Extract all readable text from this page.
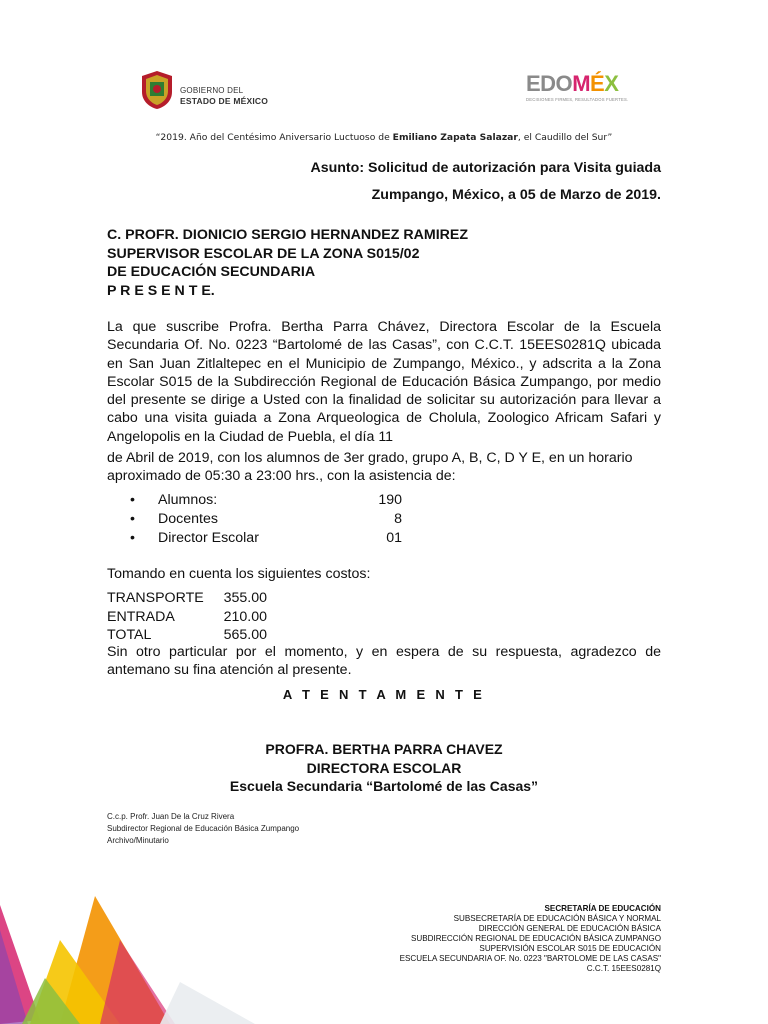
GOBIERNO DEL
ESTADO DE MÉXICO
EDOMÉX
DECISIONES FIRMES, RESULTADOS FUERTES.
“2019. Año del Centésimo Aniversario Luctuoso de Emiliano Zapata Salazar, el Caudillo del Sur”
Asunto: Solicitud de autorización para Visita guiada
Zumpango, México, a 05 de Marzo de 2019.
C. PROFR. DIONICIO SERGIO HERNANDEZ RAMIREZ
SUPERVISOR ESCOLAR DE LA ZONA S015/02
DE EDUCACIÓN SECUNDARIA
P R E S E N T E.
La que suscribe Profra. Bertha Parra Chávez, Directora Escolar de la Escuela Secundaria Of. No. 0223 “Bartolomé de las Casas”, con C.C.T. 15EES0281Q ubicada en San Juan Zitlaltepec en el Municipio de Zumpango, México., y adscrita a la Zona Escolar S015 de la Subdirección Regional de Educación Básica Zumpango, por medio del presente se dirige a Usted con la finalidad de solicitar su autorización para llevar a cabo una visita guiada a Zona Arqueologica de Cholula, Zoologico Africam Safari y Angelopolis en la Ciudad de Puebla, el día 11
de Abril de 2019, con los alumnos de 3er grado, grupo A, B, C, D Y E, en un horario
aproximado de 05:30 a 23:00 hrs., con la asistencia de:
• Alumnos:	190
• Docentes	8
• Director Escolar	01
Tomando en cuenta los siguientes costos:
TRANSPORTE 355.00
ENTRADA	210.00
TOTAL	565.00
Sin otro particular por el momento, y en espera de su respuesta, agradezco de antemano su fina atención al presente.
A T E N T A M E N T E
PROFRA. BERTHA PARRA CHAVEZ
DIRECTORA ESCOLAR
Escuela Secundaria “Bartolomé de las Casas”
C.c.p. Profr. Juan De la Cruz Rivera
Subdirector Regional de Educación Básica Zumpango
Archivo/Minutario
SECRETARÍA DE EDUCACIÓN
SUBSECRETARÍA DE EDUCACIÓN BÁSICA Y NORMAL
DIRECCIÓN GENERAL DE EDUCACIÓN BÁSICA
SUBDIRECCIÓN REGIONAL DE EDUCACIÓN BÁSICA ZUMPANGO
SUPERVISIÓN ESCOLAR S015 DE EDUCACIÓN
ESCUELA SECUNDARIA OF. No. 0223 "BARTOLOME DE LAS CASAS"
C.C.T. 15EES0281Q
